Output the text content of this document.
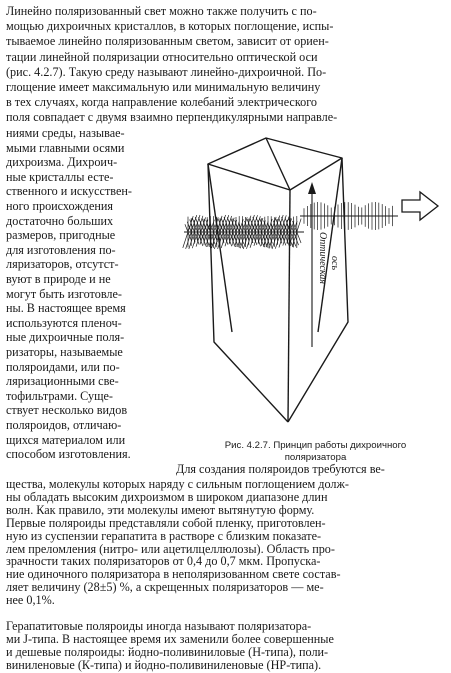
Линейно поляризованный свет можно также получить с по-
мощью дихроичных кристаллов, в которых поглощение, испы-
тываемое линейно поляризованным светом, зависит от ориен-
тации линейной поляризации относительно оптической оси
(рис. 4.2.7). Такую среду называют линейно-дихроичной. По-
глощение имеет максимальную или минимальную величину
в тех случаях, когда направление колебаний электрического
поля совпадает с двумя взаимно перпендикулярными направле-
ниями среды, называе-
мыми главными осями
дихроизма. Дихроич-
ные кристаллы есте-
ственного и искусствен-
ного происхождения
достаточно больших
размеров, пригодные
для изготовления по-
ляризаторов, отсутст-
вуют в природе и не
могут быть изготовле-
ны. В настоящее время
используются пленоч-
ные дихроичные поля-
ризаторы, называемые
поляроидами, или по-
ляризационными све-
тофильтрами. Суще-
ствует несколько видов
поляроидов, отличаю-
щихся материалом или
способом изготовления.
Для создания поляроидов требуются ве-
щества, молекулы которых наряду с сильным поглощением долж-
ны обладать высоким дихроизмом в широком диапазоне длин
волн. Как правило, эти молекулы имеют вытянутую форму.
Первые поляроиды представляли собой пленку, приготовлен-
ную из суспензии герапатита в растворе с близким показате-
лем преломления (нитро- или ацетилцеллюлозы). Область про-
зрачности таких поляризаторов от 0,4 до 0,7 мкм. Пропуска-
ние одиночного поляризатора в неполяризованном свете состав-
ляет величину (28±5) %, а скрещенных поляризаторов — ме-
нее 0,1%.
Герапатитовые поляроиды иногда называют поляризатора-
ми J-типа. В настоящее время их заменили более совершенные
и дешевые поляроиды: йодно-поливиниловые (Н-типа), поли-
виниленовые (К-типа) и йодно-поливиниленовые (НР-типа).
Оптическая ось
Рис. 4.2.7. Принцип работы дихроичного
поляризатора
